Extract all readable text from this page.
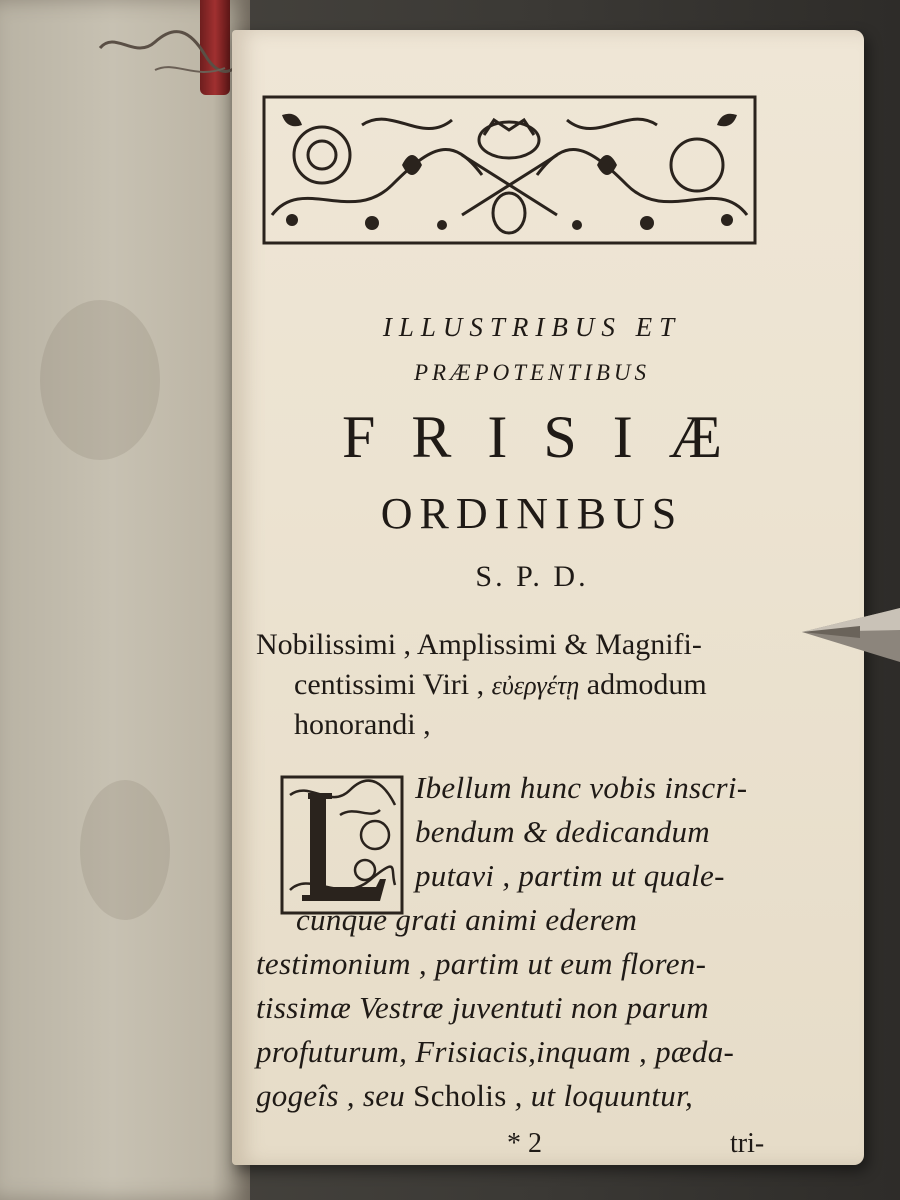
ILLUSTRIBUS ET
PRÆPOTENTIBUS
FRISIÆ
ORDINIBUS
S. P. D.
Nobilissimi , Amplissimi & Magnifi-
centissimi Viri , εὐεργέτῃ admodum
honorandi ,
L	Ibellum hunc vobis inscri-
bendum & dedicandum
putavi , partim ut quale-
cunque grati animi ederem
testimonium , partim ut eum floren-
tissimæ Vestræ juventuti non parum
profuturum, Frisiacis,inquam , pæda-
gogeîs , seu Scholis , ut loquuntur,
* 2	tri-
